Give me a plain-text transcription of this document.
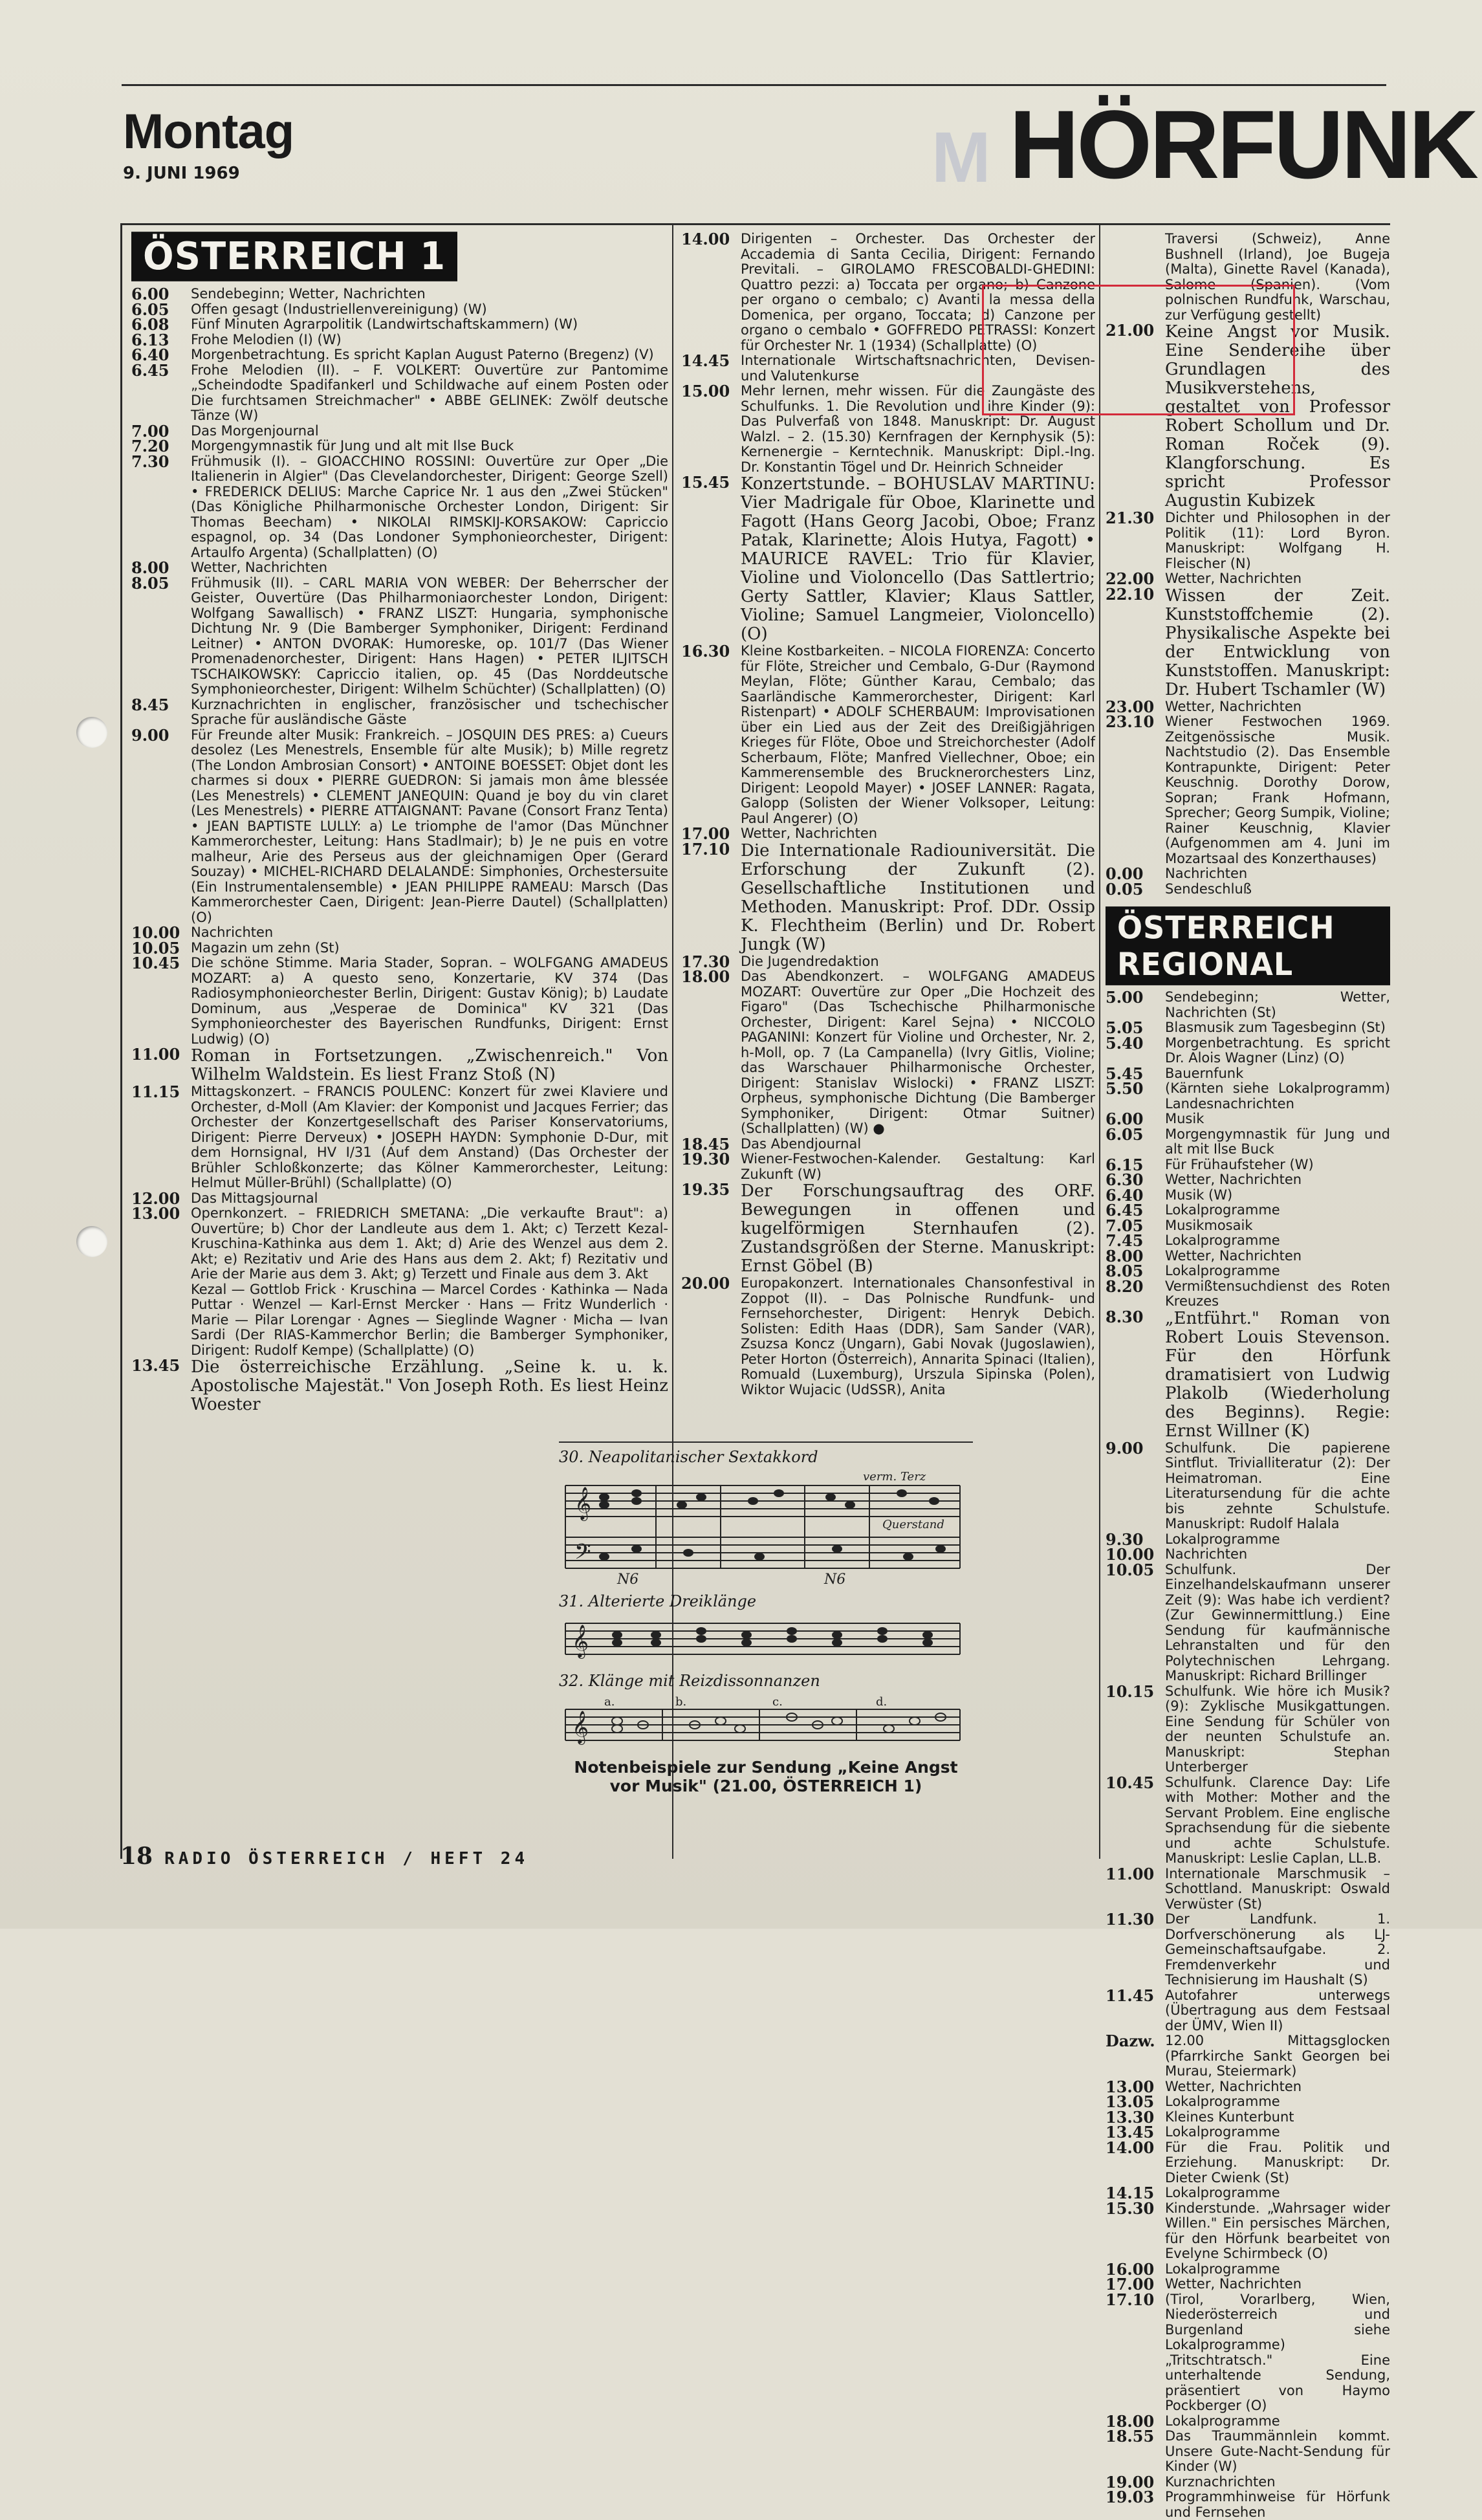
Montag
9. JUNI 1969	M HÖRFUNK
ÖSTERREICH 1
6.00	Sendebeginn; Wetter, Nachrichten
6.05	Offen gesagt (Industriellenvereinigung) (W)
6.08	Fünf Minuten Agrarpolitik (Landwirtschaftskammern) (W)
6.13	Frohe Melodien (I) (W)
6.40	Morgenbetrachtung. Es spricht Kaplan August Paterno (Bregenz) (V)
6.45	Frohe Melodien (II). – F. VOLKERT: Ouvertüre zur Pantomime „Scheindodte Spadifankerl und Schildwache auf einem Posten oder Die furchtsamen Streichmacher" • ABBE GELINEK: Zwölf deutsche Tänze (W)
7.00	Das Morgenjournal
7.20	Morgengymnastik für Jung und alt mit Ilse Buck
7.30	Frühmusik (I). – GIOACCHINO ROSSINI: Ouvertüre zur Oper „Die Italienerin in Algier" (Das Clevelandorchester, Dirigent: George Szell) • FREDERICK DELIUS: Marche Caprice Nr. 1 aus den „Zwei Stücken" (Das Königliche Philharmonische Orchester London, Dirigent: Sir Thomas Beecham) • NIKOLAI RIMSKIJ-KORSAKOW: Capriccio espagnol, op. 34 (Das Londoner Symphonieorchester, Dirigent: Artaulfo Argenta) (Schallplatten) (O)
8.00	Wetter, Nachrichten
8.05	Frühmusik (II). – CARL MARIA VON WEBER: Der Beherrscher der Geister, Ouvertüre (Das Philharmoniaorchester London, Dirigent: Wolfgang Sawallisch) • FRANZ LISZT: Hungaria, symphonische Dichtung Nr. 9 (Die Bamberger Symphoniker, Dirigent: Ferdinand Leitner) • ANTON DVORAK: Humoreske, op. 101/7 (Das Wiener Promenadenorchester, Dirigent: Hans Hagen) • PETER ILJITSCH TSCHAIKOWSKY: Capriccio italien, op. 45 (Das Norddeutsche Symphonieorchester, Dirigent: Wilhelm Schüchter) (Schallplatten) (O)
8.45	Kurznachrichten in englischer, französischer und tschechischer Sprache für ausländische Gäste
9.00	Für Freunde alter Musik: Frankreich. – JOSQUIN DES PRES: a) Cueurs desolez (Les Menestrels, Ensemble für alte Musik); b) Mille regretz (The London Ambrosian Consort) • ANTOINE BOESSET: Objet dont les charmes si doux • PIERRE GUEDRON: Si jamais mon âme blessée (Les Menestrels) • CLEMENT JANEQUIN: Quand je boy du vin claret (Les Menestrels) • PIERRE ATTAIGNANT: Pavane (Consort Franz Tenta) • JEAN BAPTISTE LULLY: a) Le triomphe de l'amor (Das Münchner Kammerorchester, Leitung: Hans Stadlmair); b) Je ne puis en votre malheur, Arie des Perseus aus der gleichnamigen Oper (Gerard Souzay) • MICHEL-RICHARD DELALANDE: Simphonies, Orchestersuite (Ein Instrumentalensemble) • JEAN PHILIPPE RAMEAU: Marsch (Das Kammerorchester Caen, Dirigent: Jean-Pierre Dautel) (Schallplatten) (O)
10.00 Nachrichten
10.05 Magazin um zehn (St)
10.45 Die schöne Stimme. Maria Stader, Sopran. – WOLFGANG AMADEUS MOZART: a) A questo seno, Konzertarie, KV 374 (Das Radiosymphonieorchester Berlin, Dirigent: Gustav König); b) Laudate Dominum, aus „Vesperae de Dominica" KV 321 (Das Symphonieorchester des Bayerischen Rundfunks, Dirigent: Ernst Ludwig) (O)
11.00 Roman in Fortsetzungen. „Zwischenreich." Von Wilhelm Waldstein. Es liest Franz Stoß (N)
11.15 Mittagskonzert. – FRANCIS POULENC: Konzert für zwei Klaviere und Orchester, d-Moll (Am Klavier: der Komponist und Jacques Ferrier; das Orchester der Konzertgesellschaft des Pariser Konservatoriums, Dirigent: Pierre Derveux) • JOSEPH HAYDN: Symphonie D-Dur, mit dem Hornsignal, HV I/31 (Auf dem Anstand) (Das Orchester der Brühler Schloßkonzerte; das Kölner Kammerorchester, Leitung: Helmut Müller-Brühl) (Schallplatte) (O)
12.00 Das Mittagsjournal
13.00 Opernkonzert. – FRIEDRICH SMETANA: „Die verkaufte Braut": a) Ouvertüre; b) Chor der Landleute aus dem 1. Akt; c) Terzett Kezal-Kruschina-Kathinka aus dem 1. Akt; d) Arie des Wenzel aus dem 2. Akt; e) Rezitativ und Arie des Hans aus dem 2. Akt; f) Rezitativ und Arie der Marie aus dem 3. Akt; g) Terzett und Finale aus dem 3. Akt
Kezal — Gottlob Frick · Kruschina — Marcel Cordes · Kathinka — Nada Puttar · Wenzel — Karl-Ernst Mercker · Hans — Fritz Wunderlich · Marie — Pilar Lorengar · Agnes — Sieglinde Wagner · Micha — Ivan Sardi (Der RIAS-Kammerchor Berlin; die Bamberger Symphoniker, Dirigent: Rudolf Kempe) (Schallplatte) (O)
13.45 Die österreichische Erzählung. „Seine k. u. k. Apostolische Majestät." Von Joseph Roth. Es liest Heinz Woester
14.00 Dirigenten – Orchester. Das Orchester der Accademia di Santa Cecilia, Dirigent: Fernando Previtali. – GIROLAMO FRESCOBALDI-GHEDINI: Quattro pezzi: a) Toccata per organo; b) Canzone per organo o cembalo; c) Avanti la messa della Domenica, per organo, Toccata; d) Canzone per organo o cembalo • GOFFREDO PETRASSI: Konzert für Orchester Nr. 1 (1934) (Schallplatte) (O)
14.45 Internationale Wirtschaftsnachrichten, Devisen- und Valutenkurse
15.00 Mehr lernen, mehr wissen. Für die Zaungäste des Schulfunks. 1. Die Revolution und ihre Kinder (9): Das Pulverfaß von 1848. Manuskript: Dr. August Walzl. – 2. (15.30) Kernfragen der Kernphysik (5): Kernenergie – Kerntechnik. Manuskript: Dipl.-Ing. Dr. Konstantin Tögel und Dr. Heinrich Schneider
15.45 Konzertstunde. – BOHUSLAV MARTINU: Vier Madrigale für Oboe, Klarinette und Fagott (Hans Georg Jacobi, Oboe; Franz Patak, Klarinette; Alois Hutya, Fagott) • MAURICE RAVEL: Trio für Klavier, Violine und Violoncello (Das Sattlertrio; Gerty Sattler, Klavier; Klaus Sattler, Violine; Samuel Langmeier, Violoncello) (O)
16.30 Kleine Kostbarkeiten. – NICOLA FIORENZA: Concerto für Flöte, Streicher und Cembalo, G-Dur (Raymond Meylan, Flöte; Günther Karau, Cembalo; das Saarländische Kammerorchester, Dirigent: Karl Ristenpart) • ADOLF SCHERBAUM: Improvisationen über ein Lied aus der Zeit des Dreißigjährigen Krieges für Flöte, Oboe und Streichorchester (Adolf Scherbaum, Flöte; Manfred Viellechner, Oboe; ein Kammerensemble des Brucknerorchesters Linz, Dirigent: Leopold Mayer) • JOSEF LANNER: Ragata, Galopp (Solisten der Wiener Volksoper, Leitung: Paul Angerer) (O)
17.00 Wetter, Nachrichten
17.10 Die Internationale Radiouniversität. Die Erforschung der Zukunft (2). Gesellschaftliche Institutionen und Methoden. Manuskript: Prof. DDr. Ossip K. Flechtheim (Berlin) und Dr. Robert Jungk (W)
17.30 Die Jugendredaktion
18.00 Das Abendkonzert. – WOLFGANG AMADEUS MOZART: Ouvertüre zur Oper „Die Hochzeit des Figaro" (Das Tschechische Philharmonische Orchester, Dirigent: Karel Sejna) • NICCOLO PAGANINI: Konzert für Violine und Orchester, Nr. 2, h-Moll, op. 7 (La Campanella) (Ivry Gitlis, Violine; das Warschauer Philharmonische Orchester, Dirigent: Stanislav Wislocki) • FRANZ LISZT: Orpheus, symphonische Dichtung (Die Bamberger Symphoniker, Dirigent: Otmar Suitner) (Schallplatten) (W) ●
18.45 Das Abendjournal
19.30 Wiener-Festwochen-Kalender. Gestaltung: Karl Zukunft (W)
19.35 Der Forschungsauftrag des ORF. Bewegungen in offenen und kugelförmigen Sternhaufen (2). Zustandsgrößen der Sterne. Manuskript: Ernst Göbel (B)
20.00 Europakonzert. Internationales Chansonfestival in Zoppot (II). – Das Polnische Rundfunk- und Fernsehorchester, Dirigent: Henryk Debich. Solisten: Edith Haas (DDR), Sam Sander (VAR), Zsuzsa Koncz (Ungarn), Gabi Novak (Jugoslawien), Peter Horton (Österreich), Annarita Spinaci (Italien), Romuald (Luxemburg), Urszula Sipinska (Polen), Wiktor Wujacic (UdSSR), Anita
Traversi (Schweiz), Anne Bushnell (Irland), Joe Bugeja (Malta), Ginette Ravel (Kanada), Salome (Spanien). (Vom polnischen Rundfunk, Warschau, zur Verfügung gestellt)
21.00 Keine Angst vor Musik. Eine Sendereihe über Grundlagen des Musikverstehens, gestaltet von Professor Robert Schollum und Dr. Roman Roček (9). Klangforschung. Es spricht Professor Augustin Kubizek
21.30 Dichter und Philosophen in der Politik (11): Lord Byron. Manuskript: Wolfgang H. Fleischer (N)
22.00 Wetter, Nachrichten
22.10 Wissen der Zeit. Kunststoffchemie (2). Physikalische Aspekte bei der Entwicklung von Kunststoffen. Manuskript: Dr. Hubert Tschamler (W)
23.00 Wetter, Nachrichten
23.10 Wiener Festwochen 1969. Zeitgenössische Musik. Nachtstudio (2). Das Ensemble Kontrapunkte, Dirigent: Peter Keuschnig. Dorothy Dorow, Sopran; Frank Hofmann, Sprecher; Georg Sumpik, Violine; Rainer Keuschnig, Klavier (Aufgenommen am 4. Juni im Mozartsaal des Konzerthauses)
0.00	Nachrichten
0.05	Sendeschluß
ÖSTERREICH REGIONAL
5.00	Sendebeginn; Wetter, Nachrichten (St)
5.05	Blasmusik zum Tagesbeginn (St)
5.40	Morgenbetrachtung. Es spricht Dr. Alois Wagner (Linz) (O)
5.45	Bauernfunk
5.50	(Kärnten siehe Lokalprogramm) Landesnachrichten
6.00	Musik
6.05	Morgengymnastik für Jung und alt mit Ilse Buck
6.15	Für Frühaufsteher (W)
6.30	Wetter, Nachrichten
6.40	Musik (W)
6.45	Lokalprogramme
7.05	Musikmosaik
7.45	Lokalprogramme
8.00	Wetter, Nachrichten
8.05	Lokalprogramme
8.20	Vermißtensuchdienst des Roten Kreuzes
8.30	„Entführt." Roman von Robert Louis Stevenson. Für den Hörfunk dramatisiert von Ludwig Plakolb (Wiederholung des Beginns). Regie: Ernst Willner (K)
9.00	Schulfunk. Die papierene Sintflut. Trivialliteratur (2): Der Heimatroman. Eine Literatursendung für die achte bis zehnte Schulstufe. Manuskript: Rudolf Halala
9.30	Lokalprogramme
10.00 Nachrichten
10.05 Schulfunk. Der Einzelhandelskaufmann unserer Zeit (9): Was habe ich verdient? (Zur Gewinnermittlung.) Eine Sendung für kaufmännische Lehranstalten und für den Polytechnischen Lehrgang. Manuskript: Richard Brillinger
10.15 Schulfunk. Wie höre ich Musik? (9): Zyklische Musikgattungen. Eine Sendung für Schüler von der neunten Schulstufe an. Manuskript: Stephan Unterberger
10.45 Schulfunk. Clarence Day: Life with Mother: Mother and the Servant Problem. Eine englische Sprachsendung für die siebente und achte Schulstufe. Manuskript: Leslie Caplan, LL.B.
11.00 Internationale Marschmusik – Schottland. Manuskript: Oswald Verwüster (St)
11.30 Der Landfunk. 1. Dorfverschönerung als LJ-Gemeinschaftsaufgabe. 2. Fremdenverkehr und Technisierung im Haushalt (S)
11.45 Autofahrer unterwegs (Übertragung aus dem Festsaal der ÜMV, Wien II)
Dazw. 12.00 Mittagsglocken (Pfarrkirche Sankt Georgen bei Murau, Steiermark)
13.00 Wetter, Nachrichten
13.05 Lokalprogramme
13.30 Kleines Kunterbunt
13.45 Lokalprogramme
14.00 Für die Frau. Politik und Erziehung. Manuskript: Dr. Dieter Cwienk (St)
14.15 Lokalprogramme
15.30 Kinderstunde. „Wahrsager wider Willen." Ein persisches Märchen, für den Hörfunk bearbeitet von Evelyne Schirmbeck (O)
16.00 Lokalprogramme
17.00 Wetter, Nachrichten
17.10 (Tirol, Vorarlberg, Wien, Niederösterreich und Burgenland siehe Lokalprogramme) „Tritschtratsch." Eine unterhaltende Sendung, präsentiert von Haymo Pockberger (O)
18.00 Lokalprogramme
18.55 Das Traummännlein kommt. Unsere Gute-Nacht-Sendung für Kinder (W)
19.00 Kurznachrichten
19.03 Programmhinweise für Hörfunk und Fernsehen
30. Neapolitanischer Sextakkord
𝄞
𝄢
N6	N6
verm. Terz
Querstand
31. Alterierte Dreiklänge
𝄞
32. Klänge mit Reizdissonnanzen
𝄞
a.	b.	c.	d.
Notenbeispiele zur Sendung „Keine Angst vor Musik" (21.00, ÖSTERREICH 1)
18 RADIO ÖSTERREICH / HEFT 24
